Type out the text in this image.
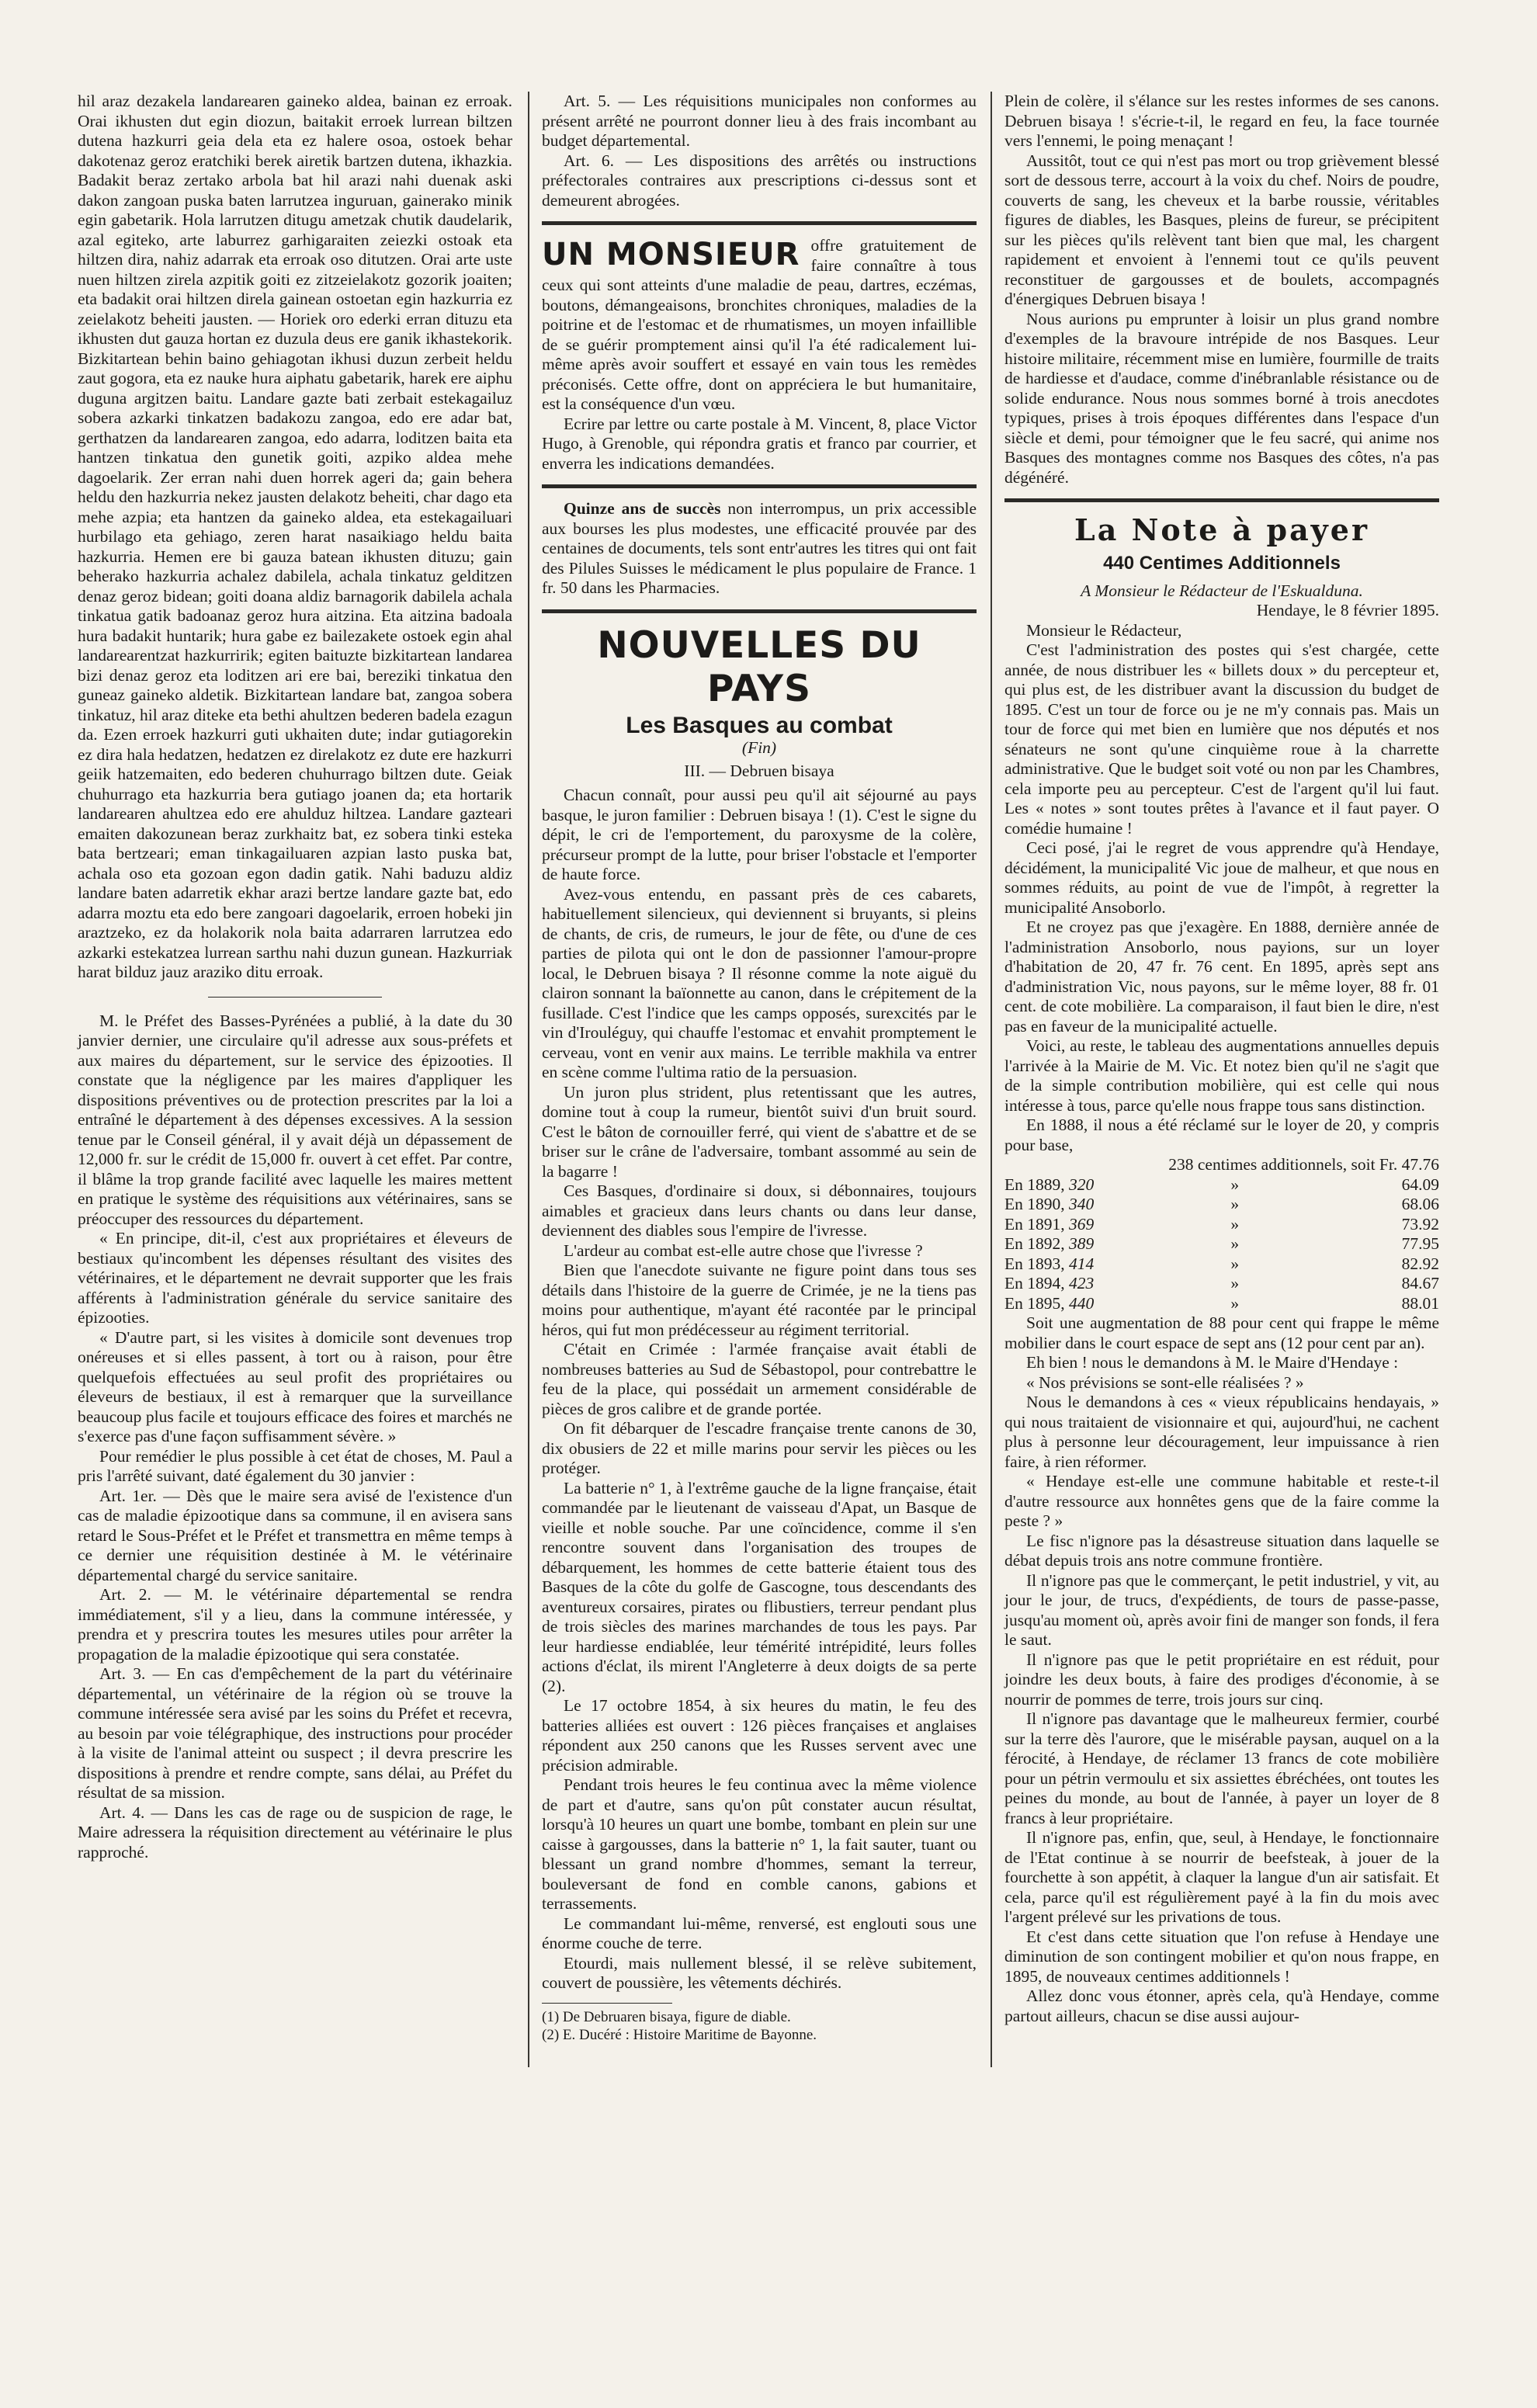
hil araz dezakela landarearen gaineko aldea, bainan ez erroak. Orai ikhusten dut egin diozun, baitakit erroek lurrean biltzen dutena hazkurri geia dela eta ez halere osoa, ostoek behar dakotenaz geroz eratchiki berek airetik bartzen dutena, ikhazkia. Badakit beraz zertako arbola bat hil arazi nahi duenak aski dakon zangoan puska baten larrutzea inguruan, gainerako minik egin gabetarik. Hola larrutzen ditugu ametzak chutik daudelarik, azal egiteko, arte laburrez garhigaraiten zeiezki ostoak eta hiltzen dira, nahiz adarrak eta erroak oso ditutzen. Orai arte uste nuen hiltzen zirela azpitik goiti ez zitzeielakotz gozorik joaiten; eta badakit orai hiltzen direla gainean ostoetan egin hazkurria ez zeielakotz beheiti jausten. — Horiek oro ederki erran dituzu eta ikhusten dut gauza hortan ez duzula deus ere ganik ikhastekorik. Bizkitartean behin baino gehiagotan ikhusi duzun zerbeit heldu zaut gogora, eta ez nauke hura aiphatu gabetarik, harek ere aiphu duguna argitzen baitu. Landare gazte bati zerbait estekagailuz sobera azkarki tinkatzen badakozu zangoa, edo ere adar bat, gerthatzen da landarearen zangoa, edo adarra, loditzen baita eta hantzen tinkatua den gunetik goiti, azpiko aldea mehe dagoelarik. Zer erran nahi duen horrek ageri da; gain behera heldu den hazkurria nekez jausten delakotz beheiti, char dago eta mehe azpia; eta hantzen da gaineko aldea, eta estekagailuari hurbilago eta gehiago, zeren harat nasaikiago heldu baita hazkurria. Hemen ere bi gauza batean ikhusten dituzu; gain beherako hazkurria achalez dabilela, achala tinkatuz gelditzen denaz geroz bidean; goiti doana aldiz barnagorik dabilela achala tinkatua gatik badoanaz geroz hura aitzina. Eta aitzina badoala hura badakit huntarik; hura gabe ez bailezakete ostoek egin ahal landarearentzat hazkurririk; egiten baituzte bizkitartean landarea bizi denaz geroz eta loditzen ari ere bai, bereziki tinkatua den guneaz gaineko aldetik. Bizkitartean landare bat, zangoa sobera tinkatuz, hil araz diteke eta bethi ahultzen bederen badela ezagun da. Ezen erroek hazkurri guti ukhaiten dute; indar gutiagorekin ez dira hala hedatzen, hedatzen ez direlakotz ez dute ere hazkurri geiik hatzemaiten, edo bederen chuhurrago biltzen dute. Geiak chuhurrago eta hazkurria bera gutiago joanen da; eta hortarik landarearen ahultzea edo ere ahulduz hiltzea. Landare gazteari emaiten dakozunean beraz zurkhaitz bat, ez sobera tinki esteka bata bertzeari; eman tinkagailuaren azpian lasto puska bat, achala oso eta gozoan egon dadin gatik. Nahi baduzu aldiz landare baten adarretik ekhar arazi bertze landare gazte bat, edo adarra moztu eta edo bere zangoari dagoelarik, erroen hobeki jin araztzeko, ez da holakorik nola baita adarraren larrutzea edo azkarki estekatzea lurrean sarthu nahi duzun gunean. Hazkurriak harat bilduz jauz araziko ditu erroak.

M. le Préfet des Basses-Pyrénées a publié, à la date du 30 janvier dernier, une circulaire qu'il adresse aux sous-préfets et aux maires du département, sur le service des épizooties. Il constate que la négligence par les maires d'appliquer les dispositions préventives ou de protection prescrites par la loi a entraîné le département à des dépenses excessives. A la session tenue par le Conseil général, il y avait déjà un dépassement de 12,000 fr. sur le crédit de 15,000 fr. ouvert à cet effet. Par contre, il blâme la trop grande facilité avec laquelle les maires mettent en pratique le système des réquisitions aux vétérinaires, sans se préoccuper des ressources du département.

« En principe, dit-il, c'est aux propriétaires et éleveurs de bestiaux qu'incombent les dépenses résultant des visites des vétérinaires, et le département ne devrait supporter que les frais afférents à l'administration générale du service sanitaire des épizooties.

« D'autre part, si les visites à domicile sont devenues trop onéreuses et si elles passent, à tort ou à raison, pour être quelquefois effectuées au seul profit des propriétaires ou éleveurs de bestiaux, il est à remarquer que la surveillance beaucoup plus facile et toujours efficace des foires et marchés ne s'exerce pas d'une façon suffisamment sévère. »

Pour remédier le plus possible à cet état de choses, M. Paul a pris l'arrêté suivant, daté également du 30 janvier :

Art. 1er. — Dès que le maire sera avisé de l'existence d'un cas de maladie épizootique dans sa commune, il en avisera sans retard le Sous-Préfet et le Préfet et transmettra en même temps à ce dernier une réquisition destinée à M. le vétérinaire départemental chargé du service sanitaire.

Art. 2. — M. le vétérinaire départemental se rendra immédiatement, s'il y a lieu, dans la commune intéressée, y prendra et y prescrira toutes les mesures utiles pour arrêter la propagation de la maladie épizootique qui sera constatée.

Art. 3. — En cas d'empêchement de la part du vétérinaire départemental, un vétérinaire de la région où se trouve la commune intéressée sera avisé par les soins du Préfet et recevra, au besoin par voie télégraphique, des instructions pour procéder à la visite de l'animal atteint ou suspect ; il devra prescrire les dispositions à prendre et rendre compte, sans délai, au Préfet du résultat de sa mission.

Art. 4. — Dans les cas de rage ou de suspicion de rage, le Maire adressera la réquisition directement au vétérinaire le plus rapproché.

Art. 5. — Les réquisitions municipales non conformes au présent arrêté ne pourront donner lieu à des frais incombant au budget départemental.

Art. 6. — Les dispositions des arrêtés ou instructions préfectorales contraires aux prescriptions ci-dessus sont et demeurent abrogées.

UN MONSIEUR offre gratuitement de faire connaître à tous ceux qui sont atteints d'une maladie de peau, dartres, eczémas, boutons, démangeaisons, bronchites chroniques, maladies de la poitrine et de l'estomac et de rhumatismes, un moyen infaillible de se guérir promptement ainsi qu'il l'a été radicalement lui-même après avoir souffert et essayé en vain tous les remèdes préconisés. Cette offre, dont on appréciera le but humanitaire, est la conséquence d'un vœu.

Ecrire par lettre ou carte postale à M. Vincent, 8, place Victor Hugo, à Grenoble, qui répondra gratis et franco par courrier, et enverra les indications demandées.

Quinze ans de succès non interrompus, un prix accessible aux bourses les plus modestes, une efficacité prouvée par des centaines de documents, tels sont entr'autres les titres qui ont fait des Pilules Suisses le médicament le plus populaire de France. 1 fr. 50 dans les Pharmacies.

NOUVELLES DU PAYS
Les Basques au combat
(Fin)
III. — Debruen bisaya

Chacun connaît, pour aussi peu qu'il ait séjourné au pays basque, le juron familier : Debruen bisaya ! (1). C'est le signe du dépit, le cri de l'emportement, du paroxysme de la colère, précurseur prompt de la lutte, pour briser l'obstacle et l'emporter de haute force.

Avez-vous entendu, en passant près de ces cabarets, habituellement silencieux, qui deviennent si bruyants, si pleins de chants, de cris, de rumeurs, le jour de fête, ou d'une de ces parties de pilota qui ont le don de passionner l'amour-propre local, le Debruen bisaya ? Il résonne comme la note aiguë du clairon sonnant la baïonnette au canon, dans le crépitement de la fusillade. C'est l'indice que les camps opposés, surexcités par le vin d'Irouléguy, qui chauffe l'estomac et envahit promptement le cerveau, vont en venir aux mains. Le terrible makhila va entrer en scène comme l'ultima ratio de la persuasion.

Un juron plus strident, plus retentissant que les autres, domine tout à coup la rumeur, bientôt suivi d'un bruit sourd. C'est le bâton de cornouiller ferré, qui vient de s'abattre et de se briser sur le crâne de l'adversaire, tombant assommé au sein de la bagarre !

Ces Basques, d'ordinaire si doux, si débonnaires, toujours aimables et gracieux dans leurs chants ou dans leur danse, deviennent des diables sous l'empire de l'ivresse.

L'ardeur au combat est-elle autre chose que l'ivresse ?

Bien que l'anecdote suivante ne figure point dans tous ses détails dans l'histoire de la guerre de Crimée, je ne la tiens pas moins pour authentique, m'ayant été racontée par le principal héros, qui fut mon prédécesseur au régiment territorial.

C'était en Crimée : l'armée française avait établi de nombreuses batteries au Sud de Sébastopol, pour contrebattre le feu de la place, qui possédait un armement considérable de pièces de gros calibre et de grande portée.

On fit débarquer de l'escadre française trente canons de 30, dix obusiers de 22 et mille marins pour servir les pièces ou les protéger.

La batterie n° 1, à l'extrême gauche de la ligne française, était commandée par le lieutenant de vaisseau d'Apat, un Basque de vieille et noble souche. Par une coïncidence, comme il s'en rencontre souvent dans l'organisation des troupes de débarquement, les hommes de cette batterie étaient tous des Basques de la côte du golfe de Gascogne, tous descendants des aventureux corsaires, pirates ou flibustiers, terreur pendant plus de trois siècles des marines marchandes de tous les pays. Par leur hardiesse endiablée, leur témérité intrépidité, leurs folles actions d'éclat, ils mirent l'Angleterre à deux doigts de sa perte (2).

Le 17 octobre 1854, à six heures du matin, le feu des batteries alliées est ouvert : 126 pièces françaises et anglaises répondent aux 250 canons que les Russes servent avec une précision admirable.

Pendant trois heures le feu continua avec la même violence de part et d'autre, sans qu'on pût constater aucun résultat, lorsqu'à 10 heures un quart une bombe, tombant en plein sur une caisse à gargousses, dans la batterie n° 1, la fait sauter, tuant ou blessant un grand nombre d'hommes, semant la terreur, bouleversant de fond en comble canons, gabions et terrassements.

Le commandant lui-même, renversé, est englouti sous une énorme couche de terre.

Etourdi, mais nullement blessé, il se relève subitement, couvert de poussière, les vêtements déchirés.

(1) De Debruaren bisaya, figure de diable.
(2) E. Ducéré : Histoire Maritime de Bayonne.

Plein de colère, il s'élance sur les restes informes de ses canons. Debruen bisaya ! s'écrie-t-il, le regard en feu, la face tournée vers l'ennemi, le poing menaçant !

Aussitôt, tout ce qui n'est pas mort ou trop grièvement blessé sort de dessous terre, accourt à la voix du chef. Noirs de poudre, couverts de sang, les cheveux et la barbe roussie, véritables figures de diables, les Basques, pleins de fureur, se précipitent sur les pièces qu'ils relèvent tant bien que mal, les chargent rapidement et envoient à l'ennemi tout ce qu'ils peuvent reconstituer de gargousses et de boulets, accompagnés d'énergiques Debruen bisaya !

Nous aurions pu emprunter à loisir un plus grand nombre d'exemples de la bravoure intrépide de nos Basques. Leur histoire militaire, récemment mise en lumière, fourmille de traits de hardiesse et d'audace, comme d'inébranlable résistance ou de solide endurance. Nous nous sommes borné à trois anecdotes typiques, prises à trois époques différentes dans l'espace d'un siècle et demi, pour témoigner que le feu sacré, qui anime nos Basques des montagnes comme nos Basques des côtes, n'a pas dégénéré.

La Note à payer
440 Centimes Additionnels
A Monsieur le Rédacteur de l'Eskualduna.
Hendaye, le 8 février 1895.

Monsieur le Rédacteur,

C'est l'administration des postes qui s'est chargée, cette année, de nous distribuer les « billets doux » du percepteur et, qui plus est, de les distribuer avant la discussion du budget de 1895. C'est un tour de force ou je ne m'y connais pas. Mais un tour de force qui met bien en lumière que nos députés et nos sénateurs ne sont qu'une cinquième roue à la charrette administrative. Que le budget soit voté ou non par les Chambres, cela importe peu au percepteur. C'est de l'argent qu'il lui faut. Les « notes » sont toutes prêtes à l'avance et il faut payer. O comédie humaine !

Ceci posé, j'ai le regret de vous apprendre qu'à Hendaye, décidément, la municipalité Vic joue de malheur, et que nous en sommes réduits, au point de vue de l'impôt, à regretter la municipalité Ansoborlo.

Et ne croyez pas que j'exagère. En 1888, dernière année de l'administration Ansoborlo, nous payions, sur un loyer d'habitation de 20, 47 fr. 76 cent. En 1895, après sept ans d'administration Vic, nous payons, sur le même loyer, 88 fr. 01 cent. de cote mobilière. La comparaison, il faut bien le dire, n'est pas en faveur de la municipalité actuelle.

Voici, au reste, le tableau des augmentations annuelles depuis l'arrivée à la Mairie de M. Vic. Et notez bien qu'il ne s'agit que de la simple contribution mobilière, qui est celle qui nous intéresse à tous, parce qu'elle nous frappe tous sans distinction.

En 1888, il nous a été réclamé sur le loyer de 20, y compris pour base,

238 centimes additionnels, soit Fr. 47.76
En 1889, 320	»	64.09
En 1890, 340	»	68.06
En 1891, 369	»	73.92
En 1892, 389	»	77.95
En 1893, 414	»	82.92
En 1894, 423	»	84.67
En 1895, 440	»	88.01

Soit une augmentation de 88 pour cent qui frappe le même mobilier dans le court espace de sept ans (12 pour cent par an).

Eh bien ! nous le demandons à M. le Maire d'Hendaye :

« Nos prévisions se sont-elle réalisées ? »

Nous le demandons à ces « vieux républicains hendayais, » qui nous traitaient de visionnaire et qui, aujourd'hui, ne cachent plus à personne leur découragement, leur impuissance à rien faire, à rien réformer.

« Hendaye est-elle une commune habitable et reste-t-il d'autre ressource aux honnêtes gens que de la faire comme la peste ? »

Le fisc n'ignore pas la désastreuse situation dans laquelle se débat depuis trois ans notre commune frontière.

Il n'ignore pas que le commerçant, le petit industriel, y vit, au jour le jour, de trucs, d'expédients, de tours de passe-passe, jusqu'au moment où, après avoir fini de manger son fonds, il fera le saut.

Il n'ignore pas que le petit propriétaire en est réduit, pour joindre les deux bouts, à faire des prodiges d'économie, à se nourrir de pommes de terre, trois jours sur cinq.

Il n'ignore pas davantage que le malheureux fermier, courbé sur la terre dès l'aurore, que le misérable paysan, auquel on a la férocité, à Hendaye, de réclamer 13 francs de cote mobilière pour un pétrin vermoulu et six assiettes ébréchées, ont toutes les peines du monde, au bout de l'année, à payer un loyer de 8 francs à leur propriétaire.

Il n'ignore pas, enfin, que, seul, à Hendaye, le fonctionnaire de l'Etat continue à se nourrir de beefsteak, à jouer de la fourchette à son appétit, à claquer la langue d'un air satisfait. Et cela, parce qu'il est régulièrement payé à la fin du mois avec l'argent prélevé sur les privations de tous.

Et c'est dans cette situation que l'on refuse à Hendaye une diminution de son contingent mobilier et qu'on nous frappe, en 1895, de nouveaux centimes additionnels !

Allez donc vous étonner, après cela, qu'à Hendaye, comme partout ailleurs, chacun se dise aussi aujour-
